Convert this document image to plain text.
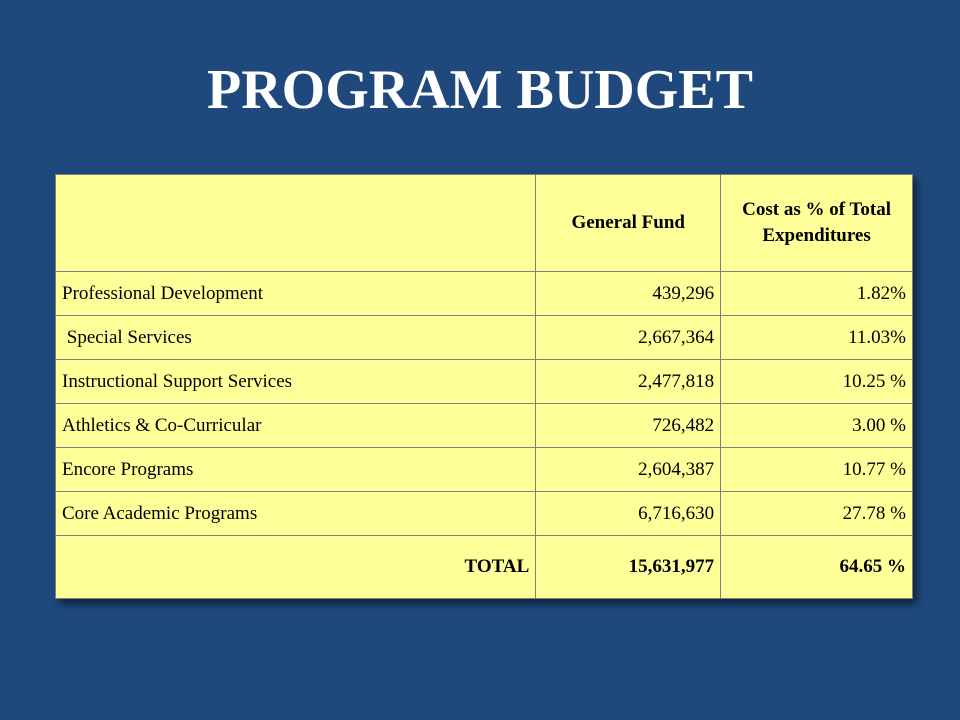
PROGRAM BUDGET
	General Fund	Cost as % of Total Expenditures
Professional Development	439,296	1.82%
Special Services	2,667,364	11.03%
Instructional Support Services	2,477,818	10.25 %
Athletics & Co-Curricular	726,482	3.00 %
Encore Programs	2,604,387	10.77 %
Core Academic Programs	6,716,630	27.78 %
TOTAL	15,631,977	64.65 %
